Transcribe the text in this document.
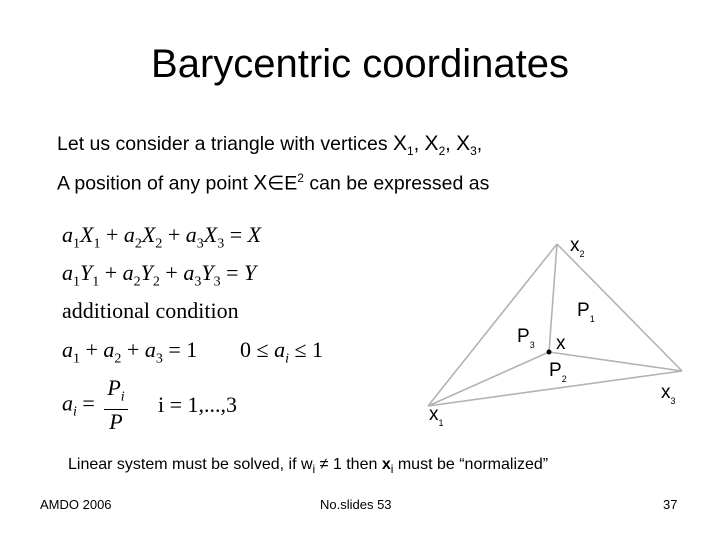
Barycentric coordinates
Let us consider a triangle with vertices $X_1$, $X_2$, $X_3$,
A position of any point $X\in E^2$ can be expressed as
$a_1X_1 + a_2X_2 + a_3X_3 = X$
$a_1Y_1 + a_2Y_2 + a_3Y_3 = Y$
additional condition
$a_1 + a_2 + a_3 = 1$ $0 \le a_i \le 1$
$a_i = \frac{P_i}{P}$ i = 1,...,3
$x_2$
$x_3$
$x_1$
x
$P_1$
$P_2$
$P_3$
Linear system must be solved, if $w_i \ne 1$ then $x_i$ must be “normalized”
AMDO 2006	No.slides 53	37
